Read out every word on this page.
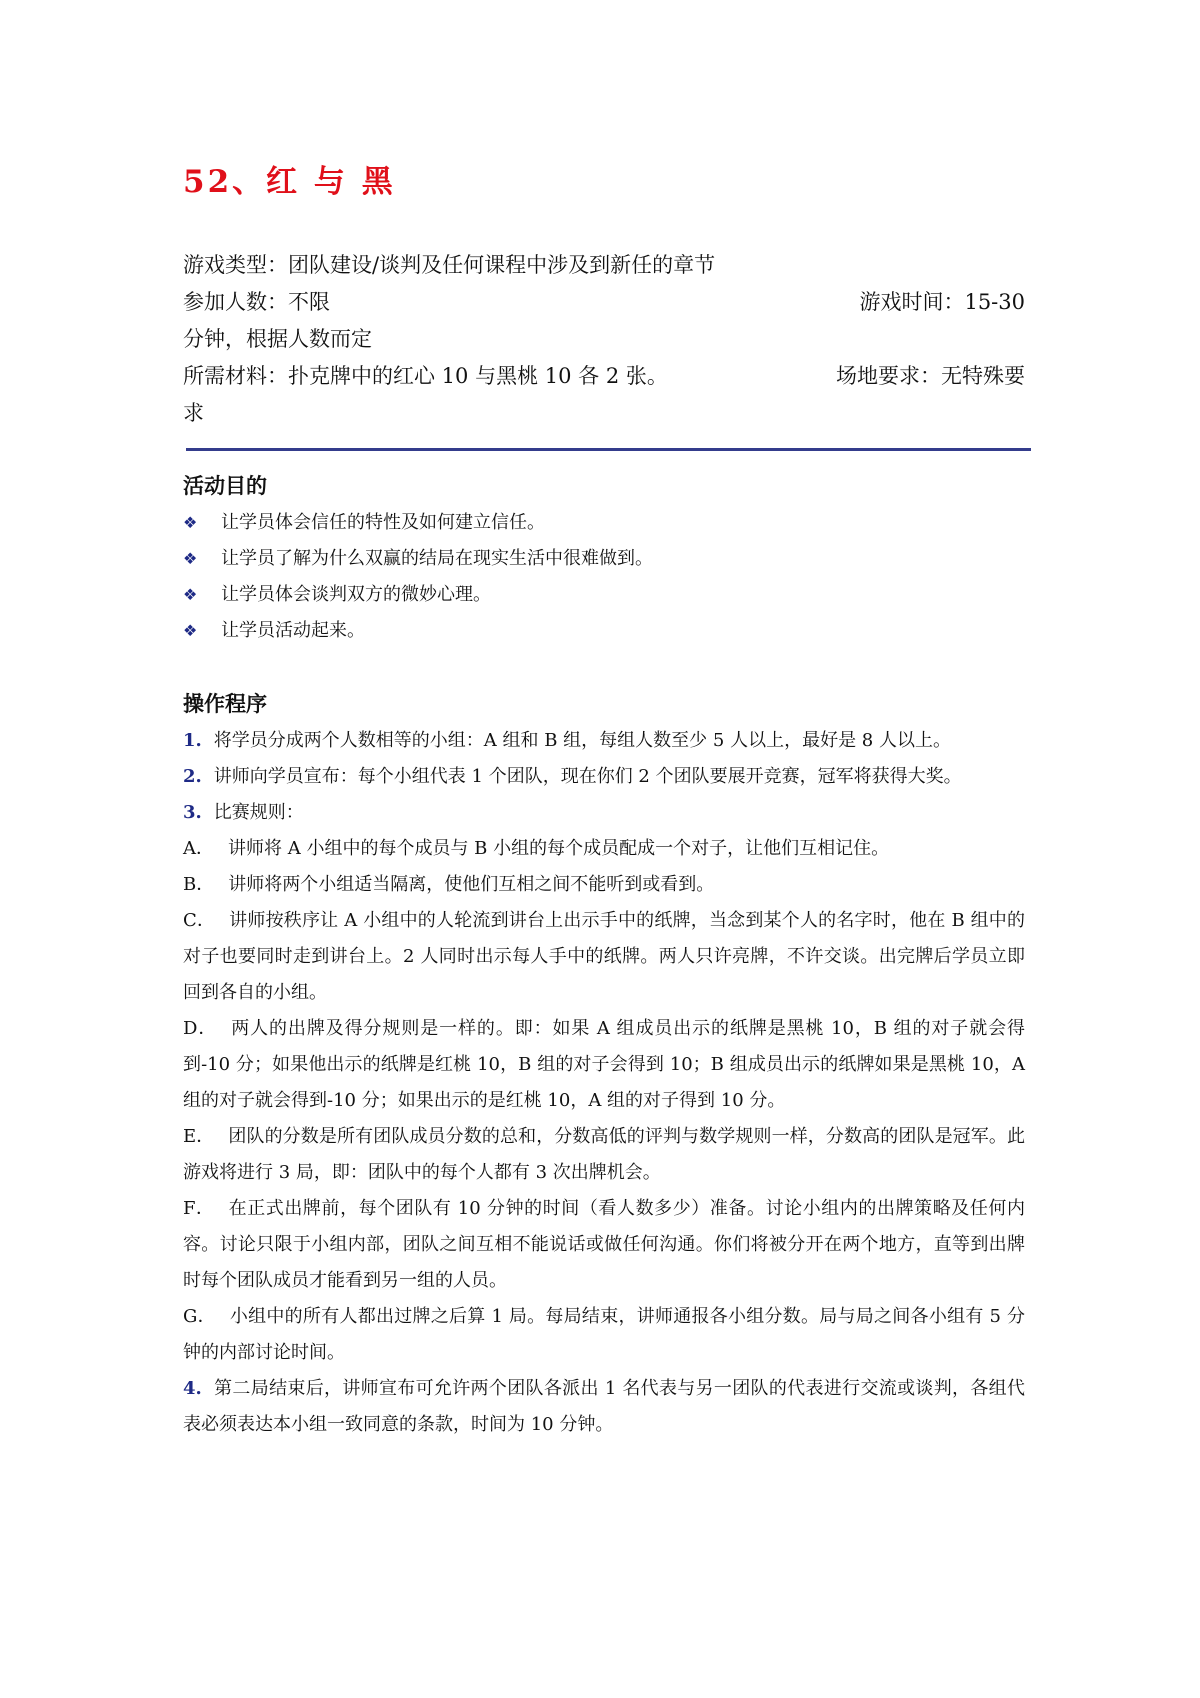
52、红 与 黑
游戏类型：团队建设/谈判及任何课程中涉及到新任的章节
参加人数：不限	游戏时间：15-30
分钟，根据人数而定
所需材料：扑克牌中的红心 10 与黑桃 10 各 2 张。	场地要求：无特殊要
求
活动目的
❖ 让学员体会信任的特性及如何建立信任。
❖ 让学员了解为什么双赢的结局在现实生活中很难做到。
❖ 让学员体会谈判双方的微妙心理。
❖ 让学员活动起来。
操作程序

1. 将学员分成两个人数相等的小组：A 组和 B 组，每组人数至少 5 人以上，最好是 8 人以上。

2. 讲师向学员宣布：每个小组代表 1 个团队，现在你们 2 个团队要展开竞赛，冠军将获得大奖。

3. 比赛规则：

A． 讲师将 A 小组中的每个成员与 B 小组的每个成员配成一个对子，让他们互相记住。

B． 讲师将两个小组适当隔离，使他们互相之间不能听到或看到。

C． 讲师按秩序让 A 小组中的人轮流到讲台上出示手中的纸牌，当念到某个人的名字时，他在 B 组中的对子也要同时走到讲台上。2 人同时出示每人手中的纸牌。两人只许亮牌，不许交谈。出完牌后学员立即回到各自的小组。

D． 两人的出牌及得分规则是一样的。即：如果 A 组成员出示的纸牌是黑桃 10，B 组的对子就会得到-10 分；如果他出示的纸牌是红桃 10，B 组的对子会得到 10；B 组成员出示的纸牌如果是黑桃 10，A 组的对子就会得到-10 分；如果出示的是红桃 10，A 组的对子得到 10 分。

E． 团队的分数是所有团队成员分数的总和，分数高低的评判与数学规则一样，分数高的团队是冠军。此游戏将进行 3 局，即：团队中的每个人都有 3 次出牌机会。

F． 在正式出牌前，每个团队有 10 分钟的时间（看人数多少）准备。讨论小组内的出牌策略及任何内容。讨论只限于小组内部，团队之间互相不能说话或做任何沟通。你们将被分开在两个地方，直等到出牌时每个团队成员才能看到另一组的人员。

G． 小组中的所有人都出过牌之后算 1 局。每局结束，讲师通报各小组分数。局与局之间各小组有 5 分钟的内部讨论时间。

4. 第二局结束后，讲师宣布可允许两个团队各派出 1 名代表与另一团队的代表进行交流或谈判，各组代表必须表达本小组一致同意的条款，时间为 10 分钟。
